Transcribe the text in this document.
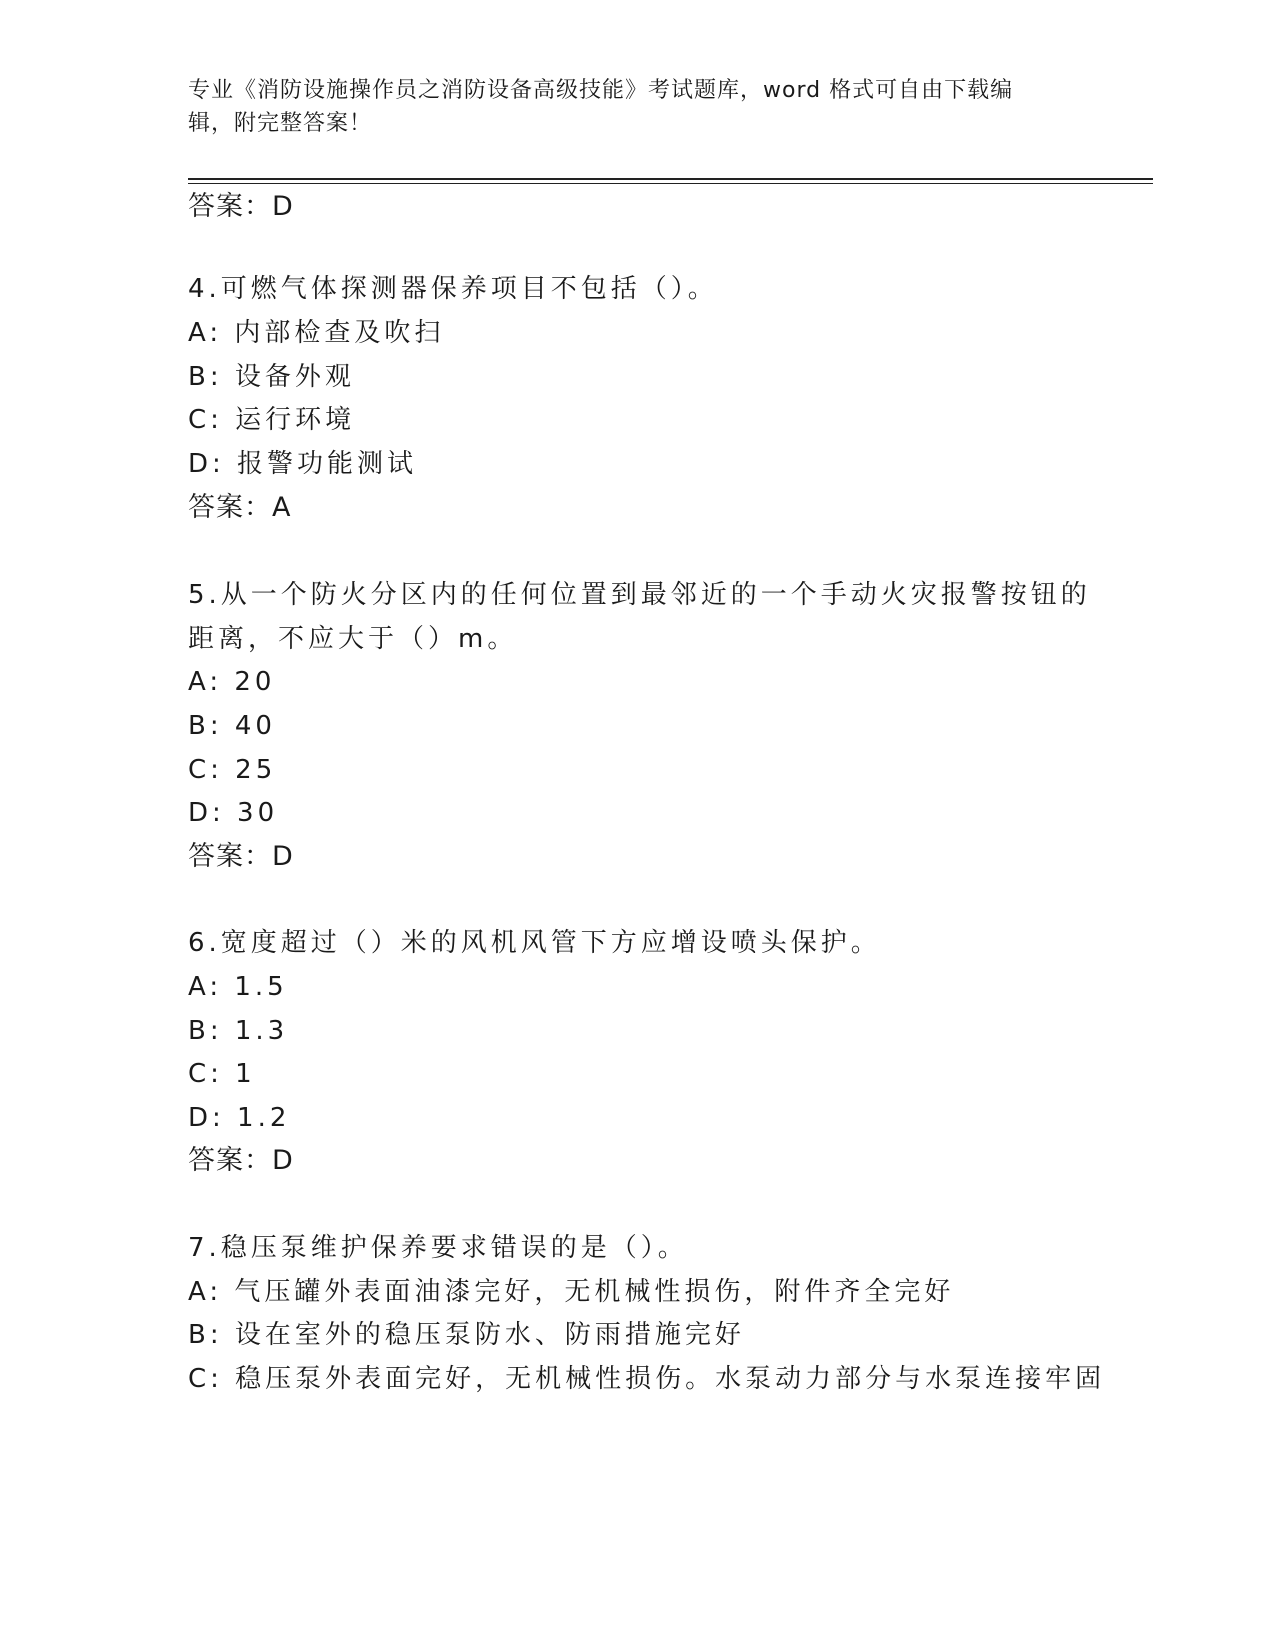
专业《消防设施操作员之消防设备高级技能》考试题库，word 格式可自由下载编
辑，附完整答案！
答案：D
4.可燃气体探测器保养项目不包括（）。
A: 内部检查及吹扫
B: 设备外观
C: 运行环境
D: 报警功能测试
答案：A
5.从一个防火分区内的任何位置到最邻近的一个手动火灾报警按钮的
距离，不应大于（）m。
A: 20
B: 40
C: 25
D: 30
答案：D
6.宽度超过（）米的风机风管下方应增设喷头保护。
A: 1.5
B: 1.3
C: 1
D: 1.2
答案：D
7.稳压泵维护保养要求错误的是（）。
A: 气压罐外表面油漆完好，无机械性损伤，附件齐全完好
B: 设在室外的稳压泵防水、防雨措施完好
C: 稳压泵外表面完好，无机械性损伤。水泵动力部分与水泵连接牢固
